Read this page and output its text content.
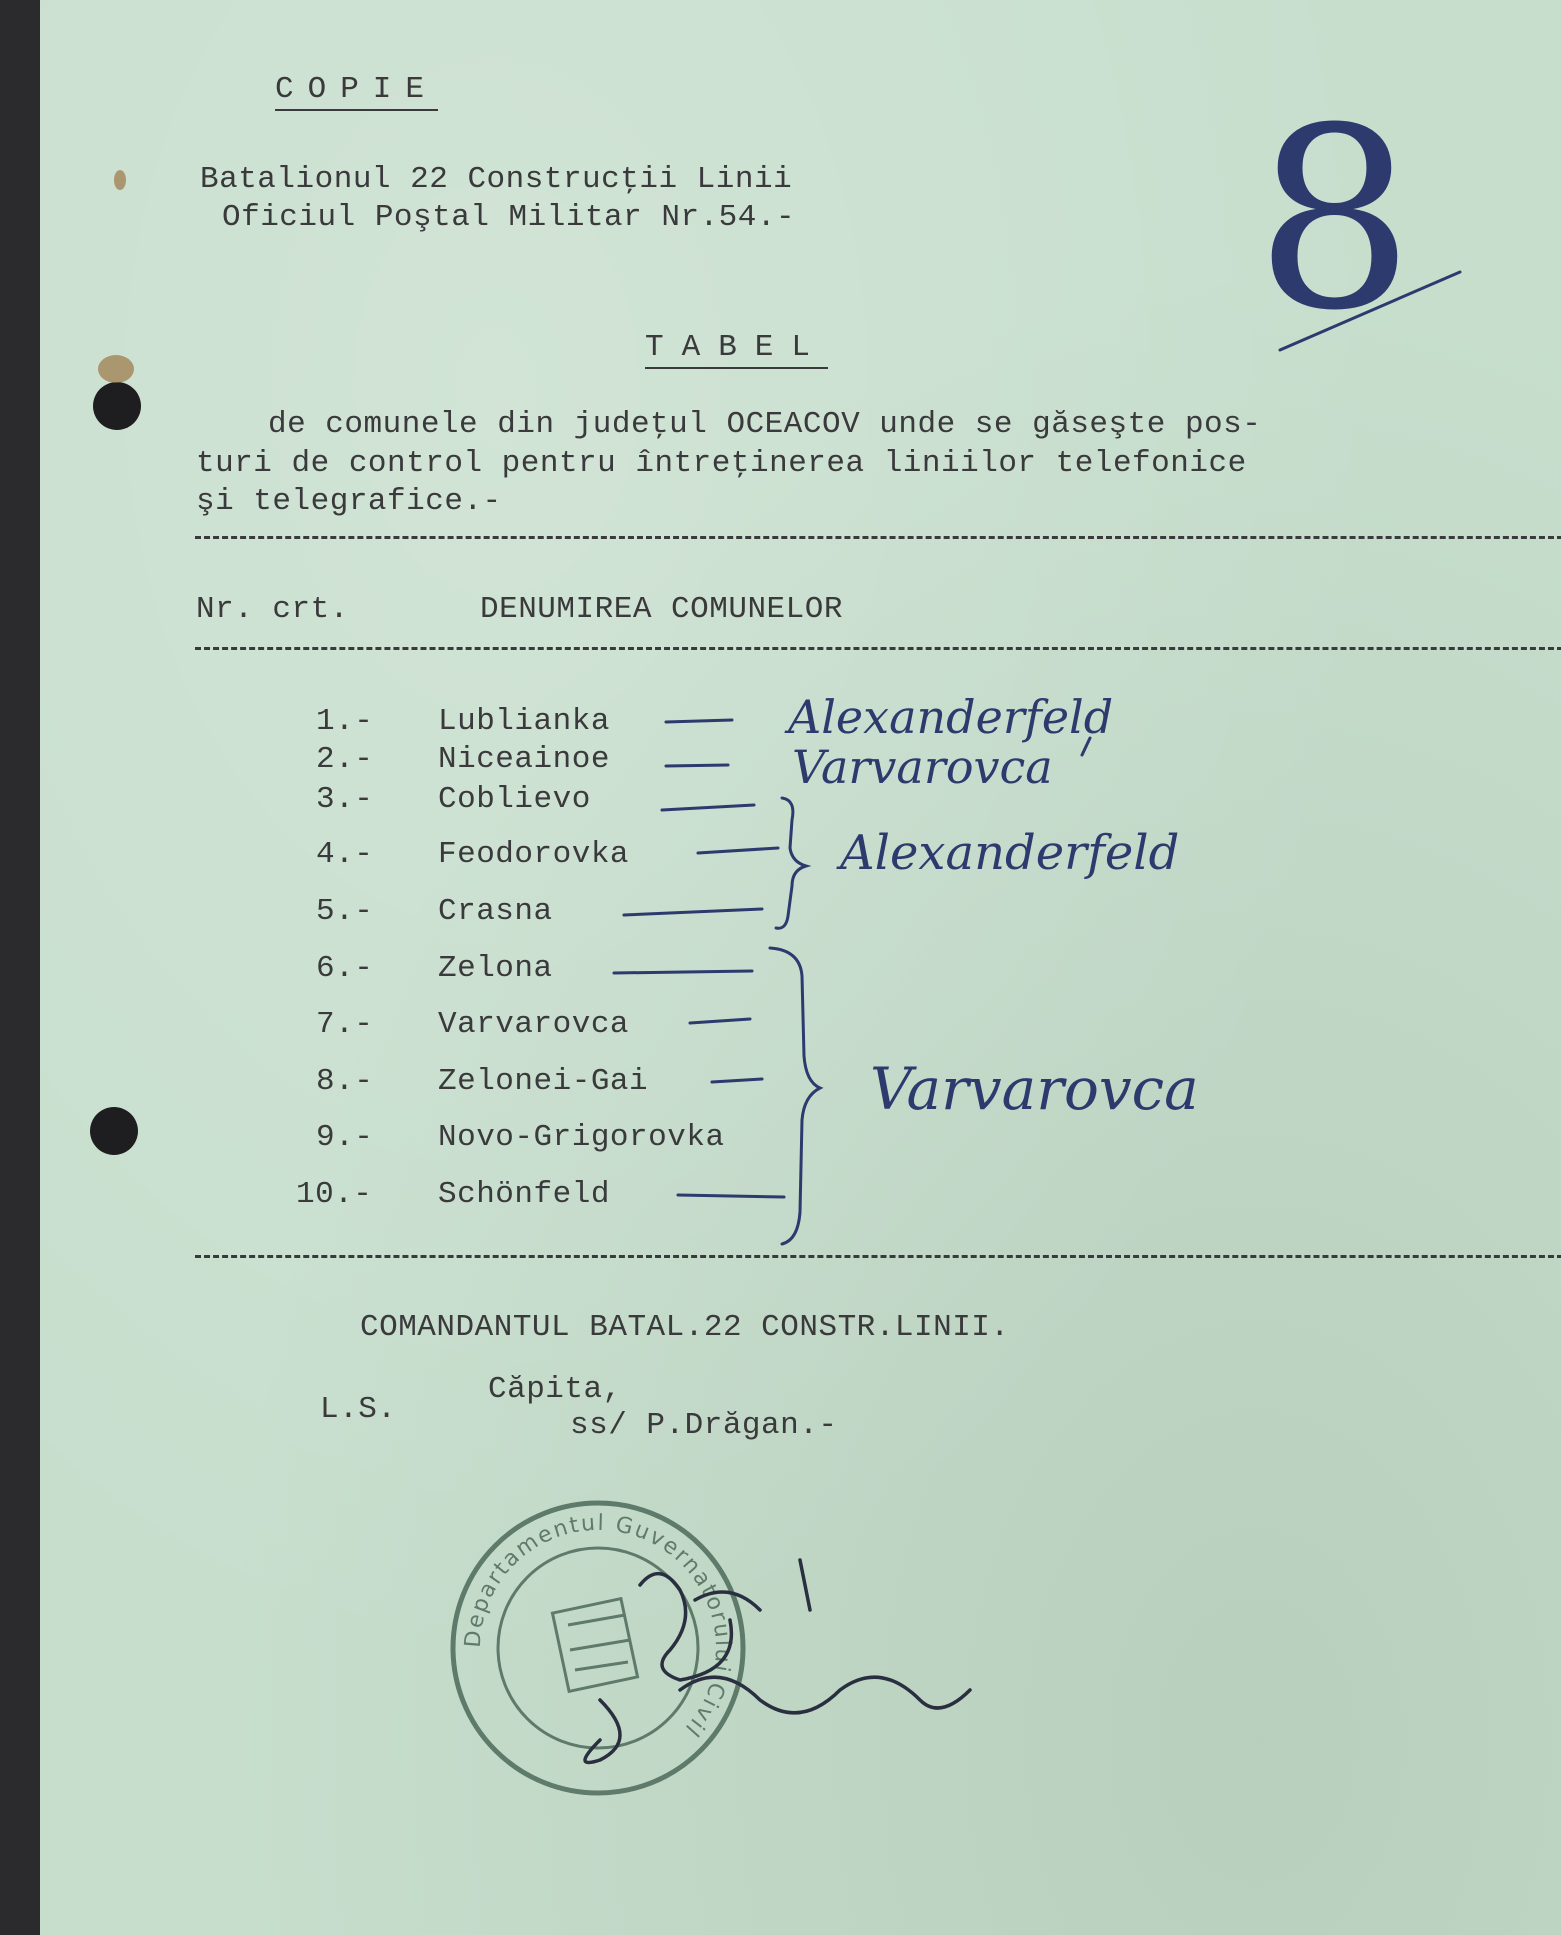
COPIE
Batalionul 22 Construcţii Linii
Oficiul Poştal Militar Nr.54.- 8
TABEL
de comunele din judeţul OCEACOV unde se găseşte pos-
turi de control pentru întreţinerea liniilor telefonice
şi telegrafice.-
Nr. crt.	DENUMIREA COMUNELOR
1.- Lublianka
2.- Niceainoe
3.- Coblievo
4.- Feodorovka
5.- Crasna
6.- Zelona
7.- Varvarovca
8.- Zelonei-Gai
9.- Novo-Grigorovka
10.- Schönfeld
Alexanderfeld
Varvarovca
Alexanderfeld
Varvarovca
COMANDANTUL BATAL.22 CONSTR.LINII.
L.S.
Căpita,
ss/ P.Drăgan.-
Departamentul Guvernatorului Civil
